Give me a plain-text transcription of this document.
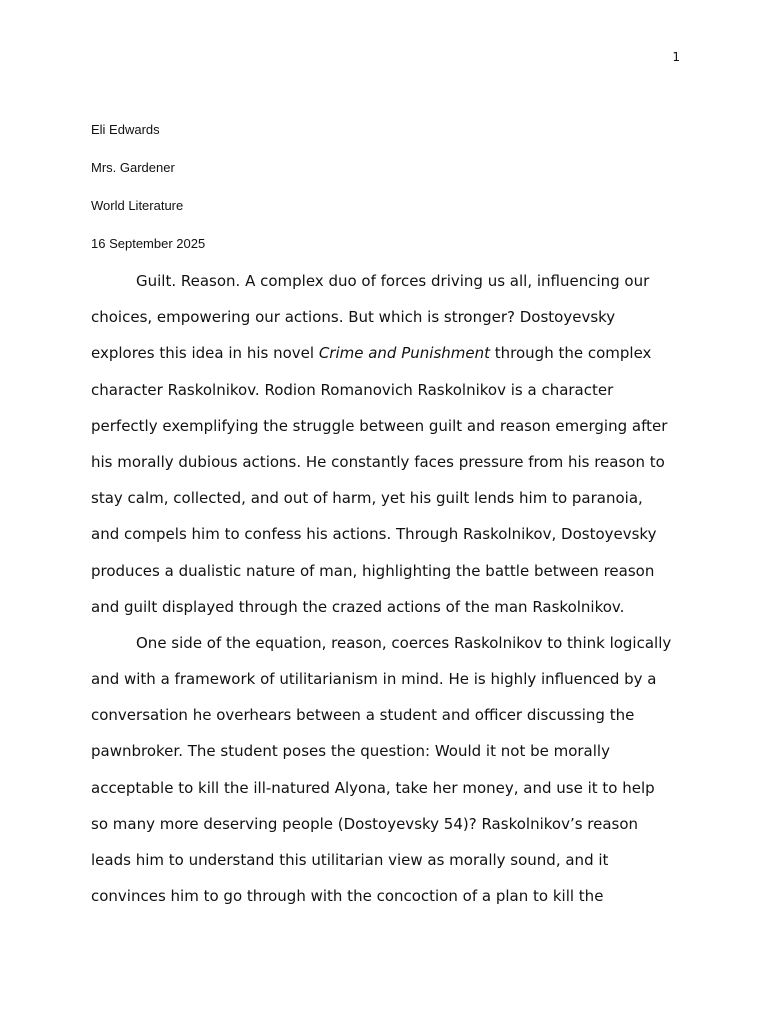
1
Eli Edwards
Mrs. Gardener
World Literature
16 September 2025
Guilt. Reason. A complex duo of forces driving us all, influencing our
choices, empowering our actions. But which is stronger? Dostoyevsky
explores this idea in his novel Crime and Punishment through the complex
character Raskolnikov. Rodion Romanovich Raskolnikov is a character
perfectly exemplifying the struggle between guilt and reason emerging after
his morally dubious actions. He constantly faces pressure from his reason to
stay calm, collected, and out of harm, yet his guilt lends him to paranoia,
and compels him to confess his actions. Through Raskolnikov, Dostoyevsky
produces a dualistic nature of man, highlighting the battle between reason
and guilt displayed through the crazed actions of the man Raskolnikov.
One side of the equation, reason, coerces Raskolnikov to think logically
and with a framework of utilitarianism in mind. He is highly influenced by a
conversation he overhears between a student and officer discussing the
pawnbroker. The student poses the question: Would it not be morally
acceptable to kill the ill-natured Alyona, take her money, and use it to help
so many more deserving people (Dostoyevsky 54)? Raskolnikov’s reason
leads him to understand this utilitarian view as morally sound, and it
convinces him to go through with the concoction of a plan to kill the
